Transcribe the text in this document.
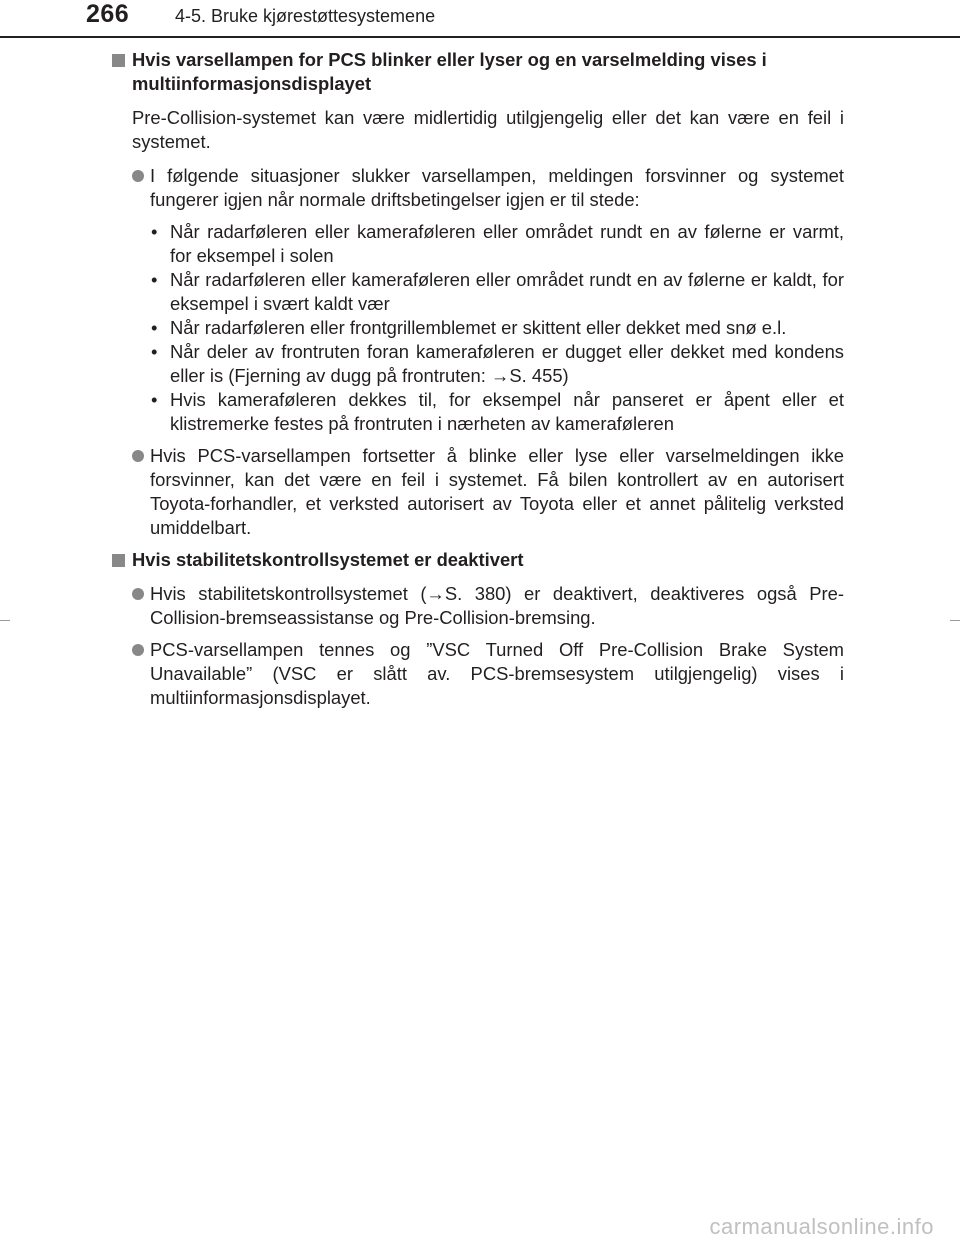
266	4-5. Bruke kjørestøttesystemene
Hvis varsellampen for PCS blinker eller lyser og en varselmelding vises i multiinformasjonsdisplayet
Pre-Collision-systemet kan være midlertidig utilgjengelig eller det kan være en feil i systemet.
I følgende situasjoner slukker varsellampen, meldingen forsvinner og systemet fungerer igjen når normale driftsbetingelser igjen er til stede:
• Når radarføleren eller kameraføleren eller området rundt en av følerne er varmt, for eksempel i solen
• Når radarføleren eller kameraføleren eller området rundt en av følerne er kaldt, for eksempel i svært kaldt vær
• Når radarføleren eller frontgrillemblemet er skittent eller dekket med snø e.l.
• Når deler av frontruten foran kameraføleren er dugget eller dekket med kondens eller is (Fjerning av dugg på frontruten: →S. 455)
• Hvis kameraføleren dekkes til, for eksempel når panseret er åpent eller et klistremerke festes på frontruten i nærheten av kameraføleren
Hvis PCS-varsellampen fortsetter å blinke eller lyse eller varselmeldingen ikke forsvinner, kan det være en feil i systemet. Få bilen kontrollert av en autorisert Toyota-forhandler, et verksted autorisert av Toyota eller et annet pålitelig verksted umiddelbart.
Hvis stabilitetskontrollsystemet er deaktivert
Hvis stabilitetskontrollsystemet (→S. 380) er deaktivert, deaktiveres også Pre-Collision-bremseassistanse og Pre-Collision-bremsing.
PCS-varsellampen tennes og ”VSC Turned Off Pre-Collision Brake System Unavailable” (VSC er slått av. PCS-bremsesystem utilgjengelig) vises i multiinformasjonsdisplayet.
carmanualsonline.info
